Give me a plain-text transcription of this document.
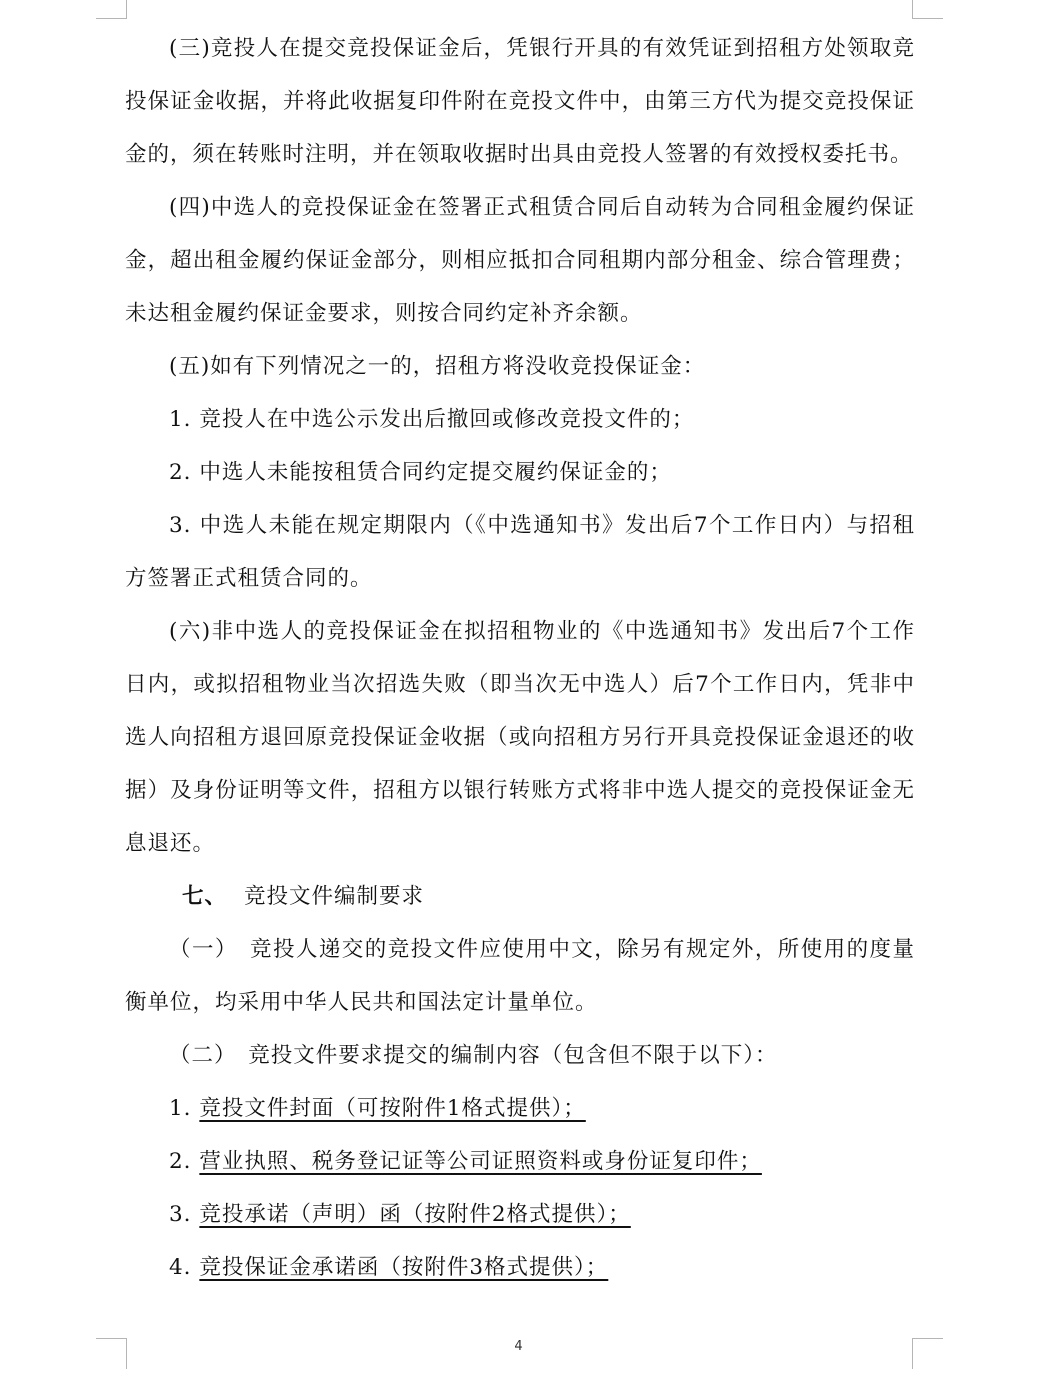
(三)竞投人在提交竞投保证金后，凭银行开具的有效凭证到招租方处领取竞投保证金收据，并将此收据复印件附在竞投文件中，由第三方代为提交竞投保证金的，须在转账时注明，并在领取收据时出具由竞投人签署的有效授权委托书。

(四)中选人的竞投保证金在签署正式租赁合同后自动转为合同租金履约保证金，超出租金履约保证金部分，则相应抵扣合同租期内部分租金、综合管理费；未达租金履约保证金要求，则按合同约定补齐余额。

(五)如有下列情况之一的，招租方将没收竞投保证金：

1. 竞投人在中选公示发出后撤回或修改竞投文件的；

2. 中选人未能按租赁合同约定提交履约保证金的；

3. 中选人未能在规定期限内（《中选通知书》发出后7个工作日内）与招租方签署正式租赁合同的。

(六)非中选人的竞投保证金在拟招租物业的《中选通知书》发出后7个工作日内，或拟招租物业当次招选失败（即当次无中选人）后7个工作日内，凭非中选人向招租方退回原竞投保证金收据（或向招租方另行开具竞投保证金退还的收据）及身份证明等文件，招租方以银行转账方式将非中选人提交的竞投保证金无息退还。

七、 竞投文件编制要求

（一）　竞投人递交的竞投文件应使用中文，除另有规定外，所使用的度量衡单位，均采用中华人民共和国法定计量单位。

（二）　竞投文件要求提交的编制内容（包含但不限于以下）：

1. 竞投文件封面（可按附件1格式提供）；

2. 营业执照、税务登记证等公司证照资料或身份证复印件；

3. 竞投承诺（声明）函（按附件2格式提供）；

4. 竞投保证金承诺函（按附件3格式提供）；

4
